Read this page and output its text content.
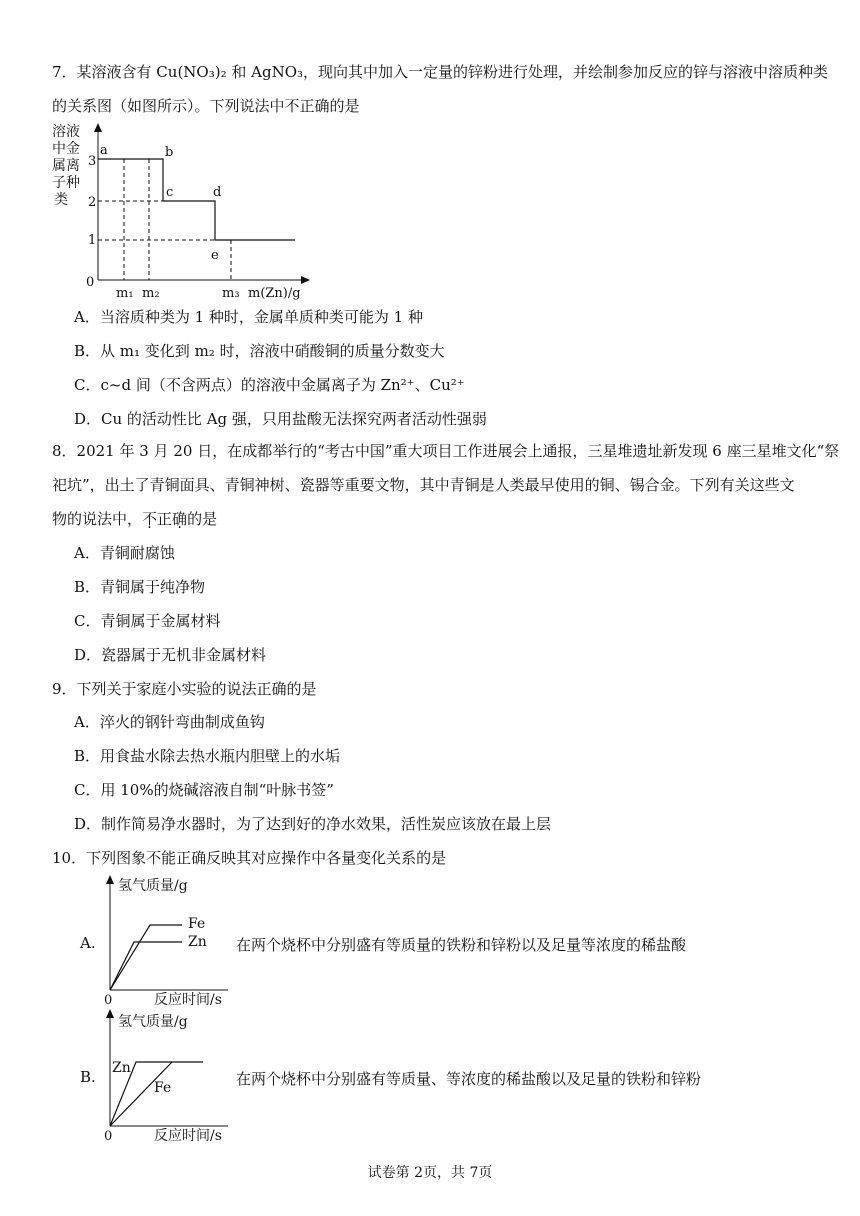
7．某溶液含有 Cu(NO₃)₂ 和 AgNO₃，现向其中加入一定量的锌粉进行处理，并绘制参加反应的锌与溶液中溶质种类
的关系图（如图所示）。下列说法中不正确的是
溶液
中金
属离
子种
类
0
1
2
3
a	b
c	d
e
m₁ m₂	m₃ m(Zn)/g
A．当溶质种类为 1 种时，金属单质种类可能为 1 种
B．从 m₁ 变化到 m₂ 时，溶液中硝酸铜的质量分数变大
C．c~d 间（不含两点）的溶液中金属离子为 Zn²⁺、Cu²⁺
D．Cu 的活动性比 Ag 强，只用盐酸无法探究两者活动性强弱
8．2021 年 3 月 20 日，在成都举行的“考古中国”重大项目工作进展会上通报，三星堆遗址新发现 6 座三星堆文化“祭
祀坑”，出土了青铜面具、青铜神树、瓷器等重要文物，其中青铜是人类最早使用的铜、锡合金。下列有关这些文
物的说法中，不正确的是
A．青铜耐腐蚀
B．青铜属于纯净物
C．青铜属于金属材料
D．瓷器属于无机非金属材料
9．下列关于家庭小实验的说法正确的是
A．淬火的钢针弯曲制成鱼钩
B．用食盐水除去热水瓶内胆壁上的水垢
C．用 10%的烧碱溶液自制“叶脉书签”
D．制作简易净水器时，为了达到好的净水效果，活性炭应该放在最上层
10．下列图象不能正确反映其对应操作中各量变化关系的是
A.
氢气质量/g
0	反应时间/s
Fe
Zn 在两个烧杯中分别盛有等质量的铁粉和锌粉以及足量等浓度的稀盐酸
B.
氢气质量/g
0	反应时间/s
Zn
Fe	在两个烧杯中分别盛有等质量、等浓度的稀盐酸以及足量的铁粉和锌粉
试卷第 2页，共 7页
